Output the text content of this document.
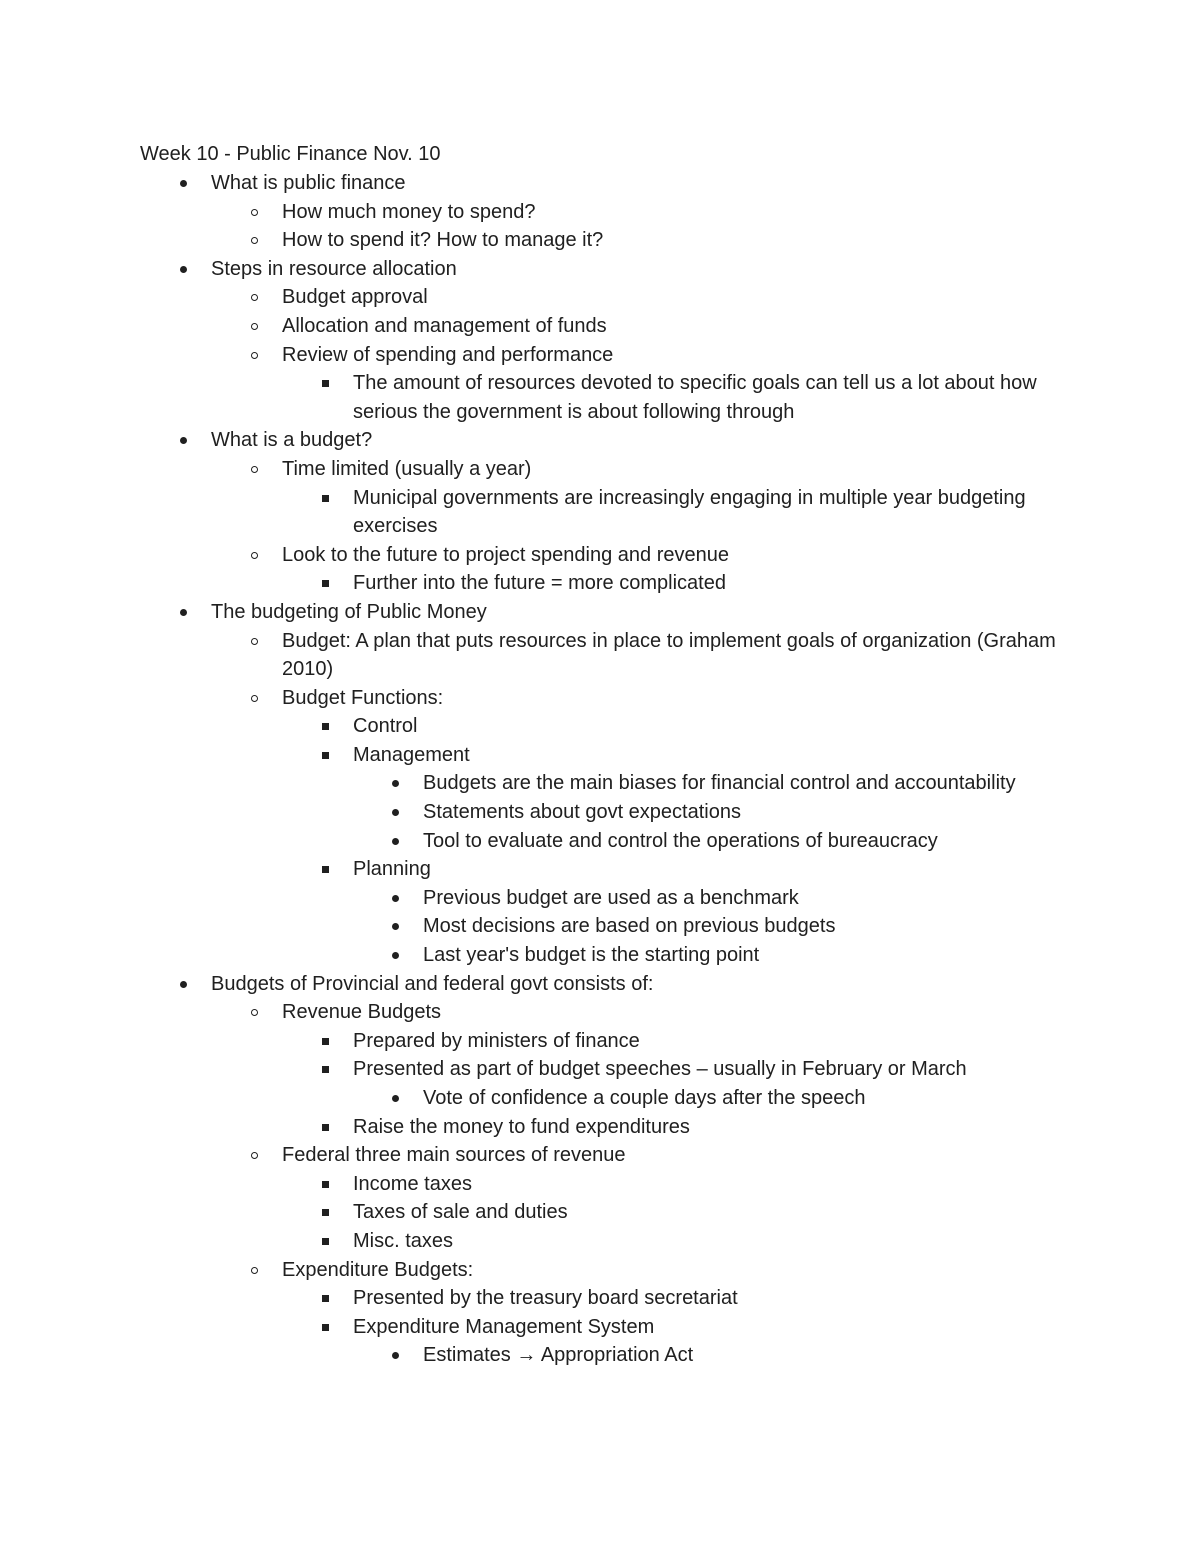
Week 10 - Public Finance Nov. 10
What is public finance
How much money to spend?
How to spend it? How to manage it?
Steps in resource allocation
Budget approval
Allocation and management of funds
Review of spending and performance
The amount of resources devoted to specific goals can tell us a lot about how serious the government is about following through
What is a budget?
Time limited (usually a year)
Municipal governments are increasingly engaging in multiple year budgeting exercises
Look to the future to project spending and revenue
Further into the future = more complicated
The budgeting of Public Money
Budget: A plan that puts resources in place to implement goals of organization (Graham 2010)
Budget Functions:
Control
Management
Budgets are the main biases for financial control and accountability
Statements about govt expectations
Tool to evaluate and control the operations of bureaucracy
Planning
Previous budget are used as a benchmark
Most decisions are based on previous budgets
Last year's budget is the starting point
Budgets of Provincial and federal govt consists of:
Revenue Budgets
Prepared by ministers of finance
Presented as part of budget speeches – usually in February or March
Vote of confidence a couple days after the speech
Raise the money to fund expenditures
Federal three main sources of revenue
Income taxes
Taxes of sale and duties
Misc. taxes
Expenditure Budgets:
Presented by the treasury board secretariat
Expenditure Management System
Estimates → Appropriation Act
